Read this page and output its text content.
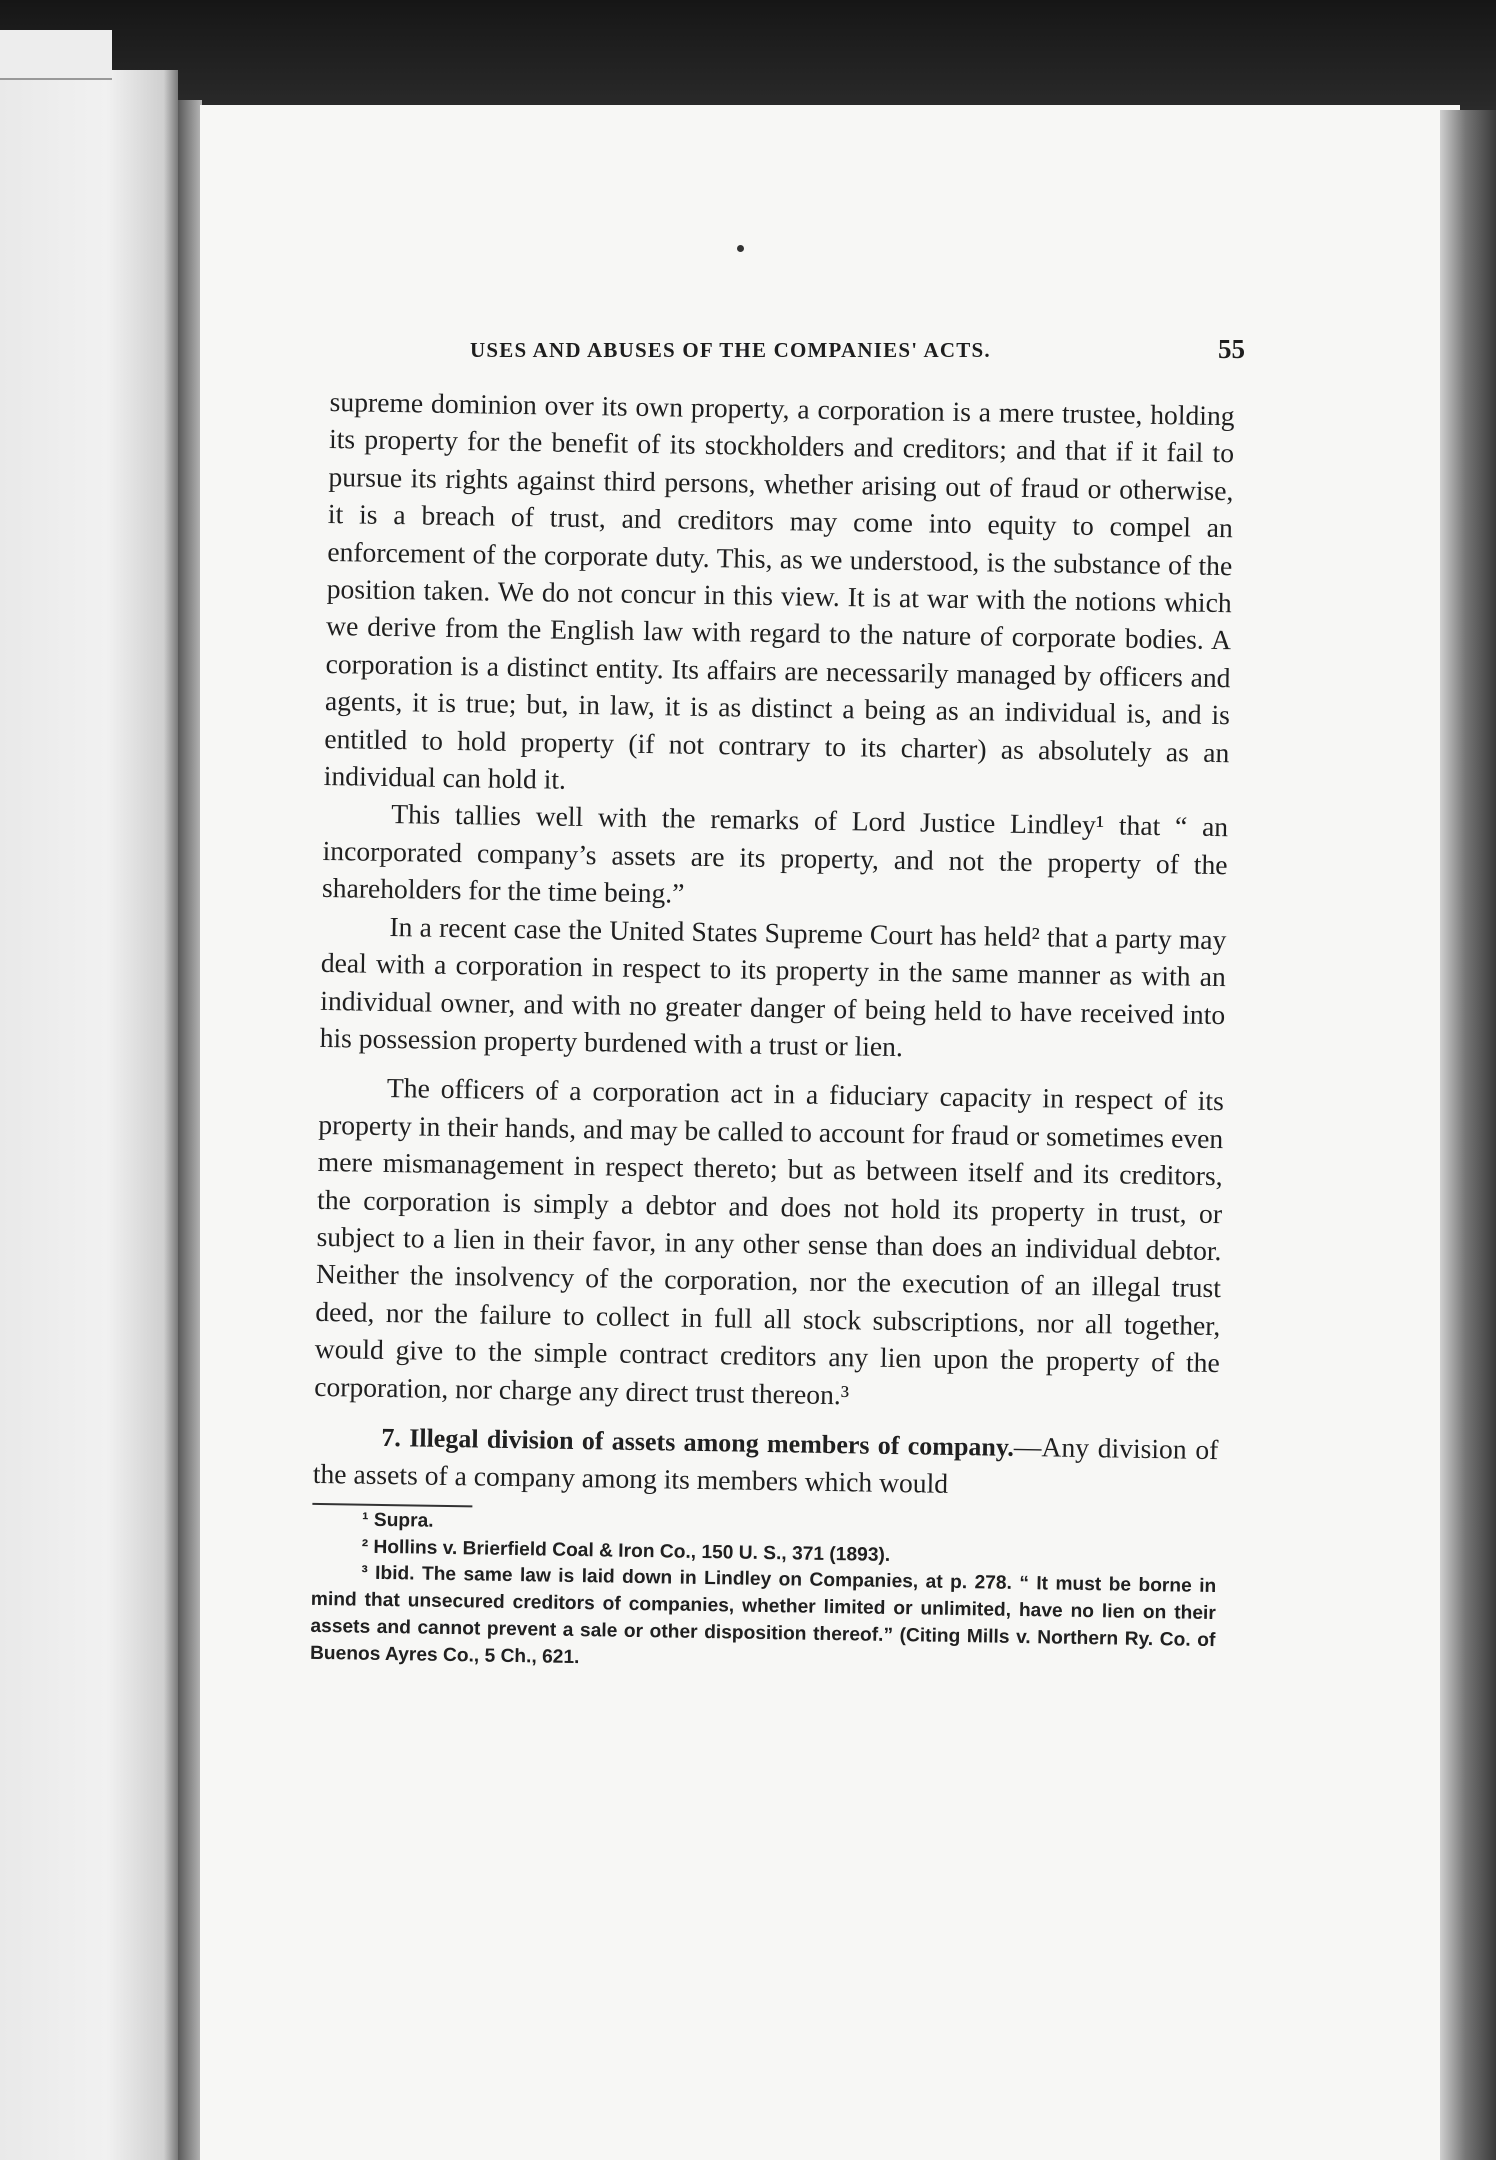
USES AND ABUSES OF THE COMPANIES' ACTS.	55

supreme dominion over its own property, a corporation is a mere trustee, holding its property for the benefit of its stockholders and creditors; and that if it fail to pursue its rights against third persons, whether arising out of fraud or otherwise, it is a breach of trust, and creditors may come into equity to compel an enforcement of the corporate duty. This, as we understood, is the substance of the position taken. We do not concur in this view. It is at war with the notions which we derive from the English law with regard to the nature of corporate bodies. A corporation is a distinct entity. Its affairs are necessarily managed by officers and agents, it is true; but, in law, it is as distinct a being as an individual is, and is entitled to hold property (if not contrary to its charter) as absolutely as an individual can hold it.

This tallies well with the remarks of Lord Justice Lindley¹ that “ an incorporated company’s assets are its property, and not the property of the shareholders for the time being.”

In a recent case the United States Supreme Court has held² that a party may deal with a corporation in respect to its property in the same manner as with an individual owner, and with no greater danger of being held to have received into his possession property burdened with a trust or lien.

The officers of a corporation act in a fiduciary capacity in respect of its property in their hands, and may be called to account for fraud or sometimes even mere mismanagement in respect thereto; but as between itself and its creditors, the corporation is simply a debtor and does not hold its property in trust, or subject to a lien in their favor, in any other sense than does an individual debtor. Neither the insolvency of the corporation, nor the execution of an illegal trust deed, nor the failure to collect in full all stock subscriptions, nor all together, would give to the simple contract creditors any lien upon the property of the corporation, nor charge any direct trust thereon.³

7. Illegal division of assets among members of company.—Any division of the assets of a company among its members which would

¹ Supra.

² Hollins v. Brierfield Coal & Iron Co., 150 U. S., 371 (1893).

³ Ibid. The same law is laid down in Lindley on Companies, at p. 278. “ It must be borne in mind that unsecured creditors of companies, whether limited or unlimited, have no lien on their assets and cannot prevent a sale or other disposition thereof.” (Citing Mills v. Northern Ry. Co. of Buenos Ayres Co., 5 Ch., 621.
